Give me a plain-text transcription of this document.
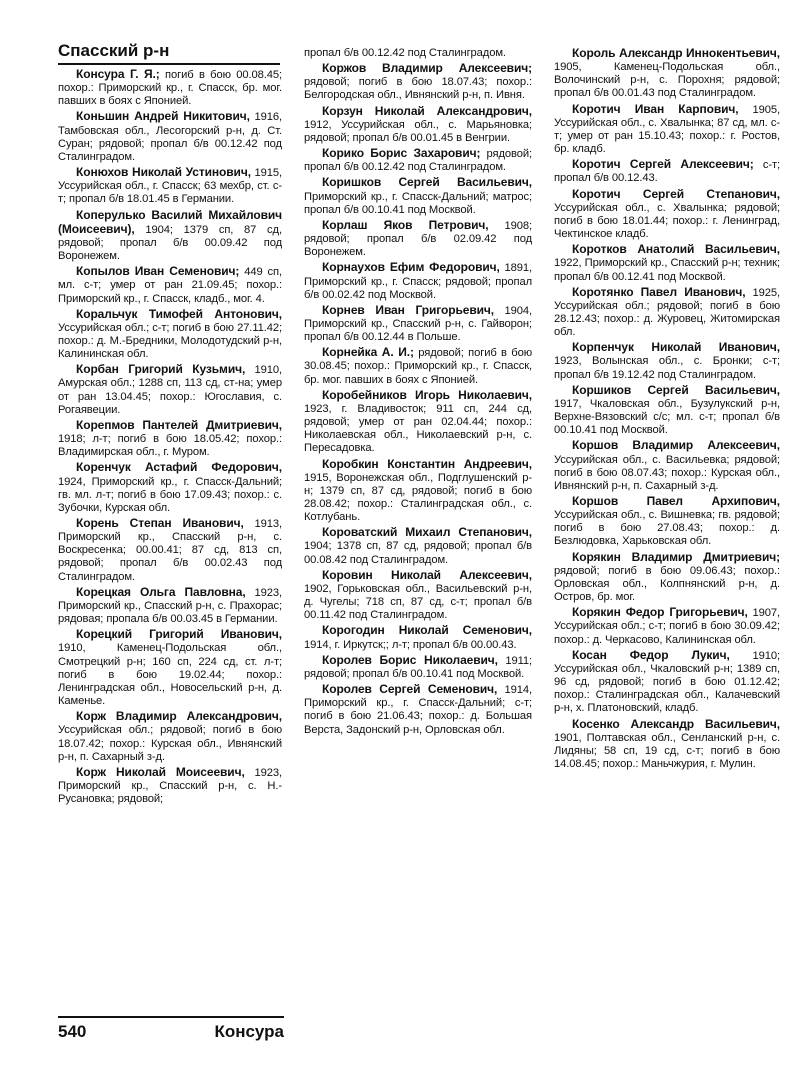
Спасский р-н

Консура Г. Я.; погиб в бою 00.08.45; похор.: Приморский кр., г. Спасск, бр. мог. павших в боях с Японией.

Коньшин Андрей Никитович, 1916, Тамбовская обл., Лесогорский р-н, д. Ст. Суран; рядовой; пропал б/в 00.12.42 под Сталинградом.

Конюхов Николай Устинович, 1915, Уссурийская обл., г. Спасск; 63 мехбр, ст. с-т; пропал б/в 18.01.45 в Германии.

Коперулько Василий Михайлович (Моисеевич), 1904; 1379 сп, 87 сд, рядовой; пропал б/в 00.09.42 под Воронежем.

Копылов Иван Семенович; 449 сп, мл. с-т; умер от ран 21.09.45; похор.: Приморский кр., г. Спасск, кладб., мог. 4.

Коральчук Тимофей Антонович, Уссурийская обл.; с-т; погиб в бою 27.11.42; похор.: д. М.-Бредники, Молодотудский р-н, Калининская обл.

Корбан Григорий Кузьмич, 1910, Амурская обл.; 1288 сп, 113 сд, ст-на; умер от ран 13.04.45; похор.: Югославия, с. Рогаявеции.

Корепмов Пантелей Дмитриевич, 1918; л-т; погиб в бою 18.05.42; похор.: Владимирская обл., г. Муром.

Коренчук Астафий Федорович, 1924, Приморский кр., г. Спасск-Дальний; гв. мл. л-т; погиб в бою 17.09.43; похор.: с. Зубочки, Курская обл.

Корень Степан Иванович, 1913, Приморский кр., Спасский р-н, с. Воскресенка; 00.00.41; 87 сд, 813 сп, рядовой; пропал б/в 00.02.43 под Сталинградом.

Корецкая Ольга Павловна, 1923, Приморский кр., Спасский р-н, с. Прахорас; рядовая; пропала б/в 00.03.45 в Германии.

Корецкий Григорий Иванович, 1910, Каменец-Подольская обл., Смотрецкий р-н; 160 сп, 224 сд, ст. л-т; погиб в бою 19.02.44; похор.: Ленинградская обл., Новосельский р-н, д. Каменье.

Корж Владимир Александрович, Уссурийская обл.; рядовой; погиб в бою 18.07.42; похор.: Курская обл., Ивнянский р-н, п. Сахарный з-д.

Корж Николай Моисеевич, 1923, Приморский кр., Спасский р-н, с. Н.-Русановка; рядовой;

пропал б/в 00.12.42 под Сталинградом.

Коржов Владимир Алексеевич; рядовой; погиб в бою 18.07.43; похор.: Белгородская обл., Ивнянский р-н, п. Ивня.

Корзун Николай Александрович, 1912, Уссурийская обл., с. Марьяновка; рядовой; пропал б/в 00.01.45 в Венгрии.

Корико Борис Захарович; рядовой; пропал б/в 00.12.42 под Сталинградом.

Коришков Сергей Васильевич, Приморский кр., г. Спасск-Дальний; матрос; пропал б/в 00.10.41 под Москвой.

Корлаш Яков Петрович, 1908; рядовой; пропал б/в 02.09.42 под Воронежем.

Корнаухов Ефим Федорович, 1891, Приморский кр., г. Спасск; рядовой; пропал б/в 00.02.42 под Москвой.

Корнев Иван Григорьевич, 1904, Приморский кр., Спасский р-н, с. Гайворон; пропал б/в 00.12.44 в Польше.

Корнейка А. И.; рядовой; погиб в бою 30.08.45; похор.: Приморский кр., г. Спасск, бр. мог. павших в боях с Японией.

Коробейников Игорь Николаевич, 1923, г. Владивосток; 911 сп, 244 сд, рядовой; умер от ран 02.04.44; похор.: Николаевская обл., Николаевский р-н, с. Пересадовка.

Коробкин Константин Андреевич, 1915, Воронежская обл., Подглушенский р-н; 1379 сп, 87 сд, рядовой; погиб в бою 28.08.42; похор.: Сталинградская обл., с. Котлубань.

Короватский Михаил Степанович, 1904; 1378 сп, 87 сд, рядовой; пропал б/в 00.08.42 под Сталинградом.

Коровин Николай Алексеевич, 1902, Горьковская обл., Васильевский р-н, д. Чугелы; 718 сп, 87 сд, с-т; пропал б/в 00.11.42 под Сталинградом.

Корогодин Николай Семенович, 1914, г. Иркутск;; л-т; пропал б/в 00.00.43.

Королев Борис Николаевич, 1911; рядовой; пропал б/в 00.10.41 под Москвой.

Королев Сергей Семенович, 1914, Приморский кр., г. Спасск-Дальний; с-т; погиб в бою 21.06.43; похор.: д. Большая Верста, Задонский р-н, Орловская обл.

Король Александр Иннокентьевич, 1905, Каменец-Подольская обл., Волочинский р-н, с. Порохня; рядовой; пропал б/в 00.01.43 под Сталинградом.

Коротич Иван Карпович, 1905, Уссурийская обл., с. Хвалынка; 87 сд, мл. с-т; умер от ран 15.10.43; похор.: г. Ростов, бр. кладб.

Коротич Сергей Алексеевич; с-т; пропал б/в 00.12.43.

Коротич Сергей Степанович, Уссурийская обл., с. Хвалынка; рядовой; погиб в бою 18.01.44; похор.: г. Ленинград, Чектинское кладб.

Коротков Анатолий Васильевич, 1922, Приморский кр., Спасский р-н; техник; пропал б/в 00.12.41 под Москвой.

Коротянко Павел Иванович, 1925, Уссурийская обл.; рядовой; погиб в бою 28.12.43; похор.: д. Журовец, Житомирская обл.

Корпенчук Николай Иванович, 1923, Волынская обл., с. Бронки; с-т; пропал б/в 19.12.42 под Сталинградом.

Коршиков Сергей Васильевич, 1917, Чкаловская обл., Бузулукский р-н, Верхне-Вязовский с/с; мл. с-т; пропал б/в 00.10.41 под Москвой.

Коршов Владимир Алексеевич, Уссурийская обл., с. Васильевка; рядовой; погиб в бою 08.07.43; похор.: Курская обл., Ивнянский р-н, п. Сахарный з-д.

Коршов Павел Архипович, Уссурийская обл., с. Вишневка; гв. рядовой; погиб в бою 27.08.43; похор.: д. Безлюдовка, Харьковская обл.

Корякин Владимир Дмитриевич; рядовой; погиб в бою 09.06.43; похор.: Орловская обл., Колпнянский р-н, д. Остров, бр. мог.

Корякин Федор Григорьевич, 1907, Уссурийская обл.; с-т; погиб в бою 30.09.42; похор.: д. Черкасово, Калининская обл.

Косан Федор Лукич, 1910; Уссурийская обл., Чкаловский р-н; 1389 сп, 96 сд, рядовой; погиб в бою 01.12.42; похор.: Сталинградская обл., Калачевский р-н, х. Платоновский, кладб.

Косенко Александр Васильевич, 1901, Полтавская обл., Сенланский р-н, с. Лидяны; 58 сп, 19 сд, с-т; погиб в бою 14.08.45; похор.: Маньчжурия, г. Мулин.

540	Консура
